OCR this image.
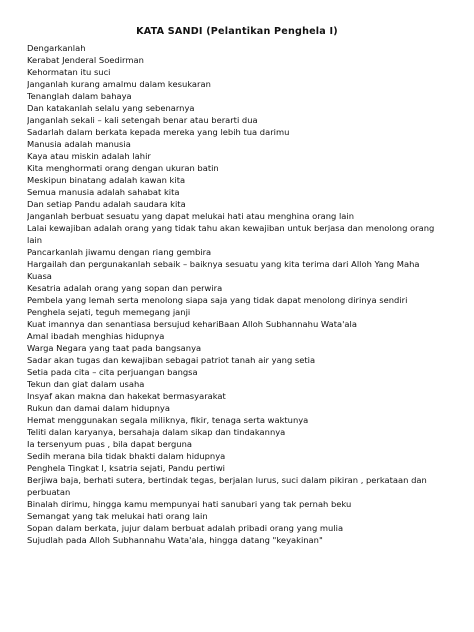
KATA SANDI (Pelantikan Penghela I)
Dengarkanlah
Kerabat Jenderal Soedirman
Kehormatan itu suci
Janganlah kurang amalmu dalam kesukaran
Tenanglah dalam bahaya
Dan katakanlah selalu yang sebenarnya
Janganlah sekali – kali setengah benar atau berarti dua
Sadarlah dalam berkata kepada mereka yang lebih tua darimu
Manusia adalah manusia
Kaya atau miskin adalah lahir
Kita menghormati orang dengan ukuran batin
Meskipun binatang adalah kawan kita
Semua manusia adalah sahabat kita
Dan setiap Pandu adalah saudara kita
Janganlah berbuat sesuatu yang dapat melukai hati atau menghina orang lain
Lalai kewajiban adalah orang yang tidak tahu akan kewajiban untuk berjasa dan menolong orang
lain
Pancarkanlah jiwamu dengan riang gembira
Hargailah dan pergunakanlah sebaik – baiknya sesuatu yang kita terima dari Alloh Yang Maha
Kuasa
Kesatria adalah orang yang sopan dan perwira
Pembela yang lemah serta menolong siapa saja yang tidak dapat menolong dirinya sendiri
Penghela sejati, teguh memegang janji
Kuat imannya dan senantiasa bersujud kehariBaan Alloh Subhannahu Wata'ala
Amal ibadah menghias hidupnya
Warga Negara yang taat pada bangsanya
Sadar akan tugas dan kewajiban sebagai patriot tanah air yang setia
Setia pada cita – cita perjuangan bangsa
Tekun dan giat dalam usaha
Insyaf akan makna dan hakekat bermasyarakat
Rukun dan damai dalam hidupnya
Hemat menggunakan segala miliknya, fikir, tenaga serta waktunya
Teliti dalan karyanya, bersahaja dalam sikap dan tindakannya
Ia tersenyum puas , bila dapat berguna
Sedih merana bila tidak bhakti dalam hidupnya
Penghela Tingkat I, ksatria sejati, Pandu pertiwi
Berjiwa baja, berhati sutera, bertindak tegas, berjalan lurus, suci dalam pikiran , perkataan dan
perbuatan
Binalah dirimu, hingga kamu mempunyai hati sanubari yang tak pernah beku
Semangat yang tak melukai hati orang lain
Sopan dalam berkata, jujur dalam berbuat adalah pribadi orang yang mulia
Sujudlah pada Alloh Subhannahu Wata'ala, hingga datang "keyakinan"
